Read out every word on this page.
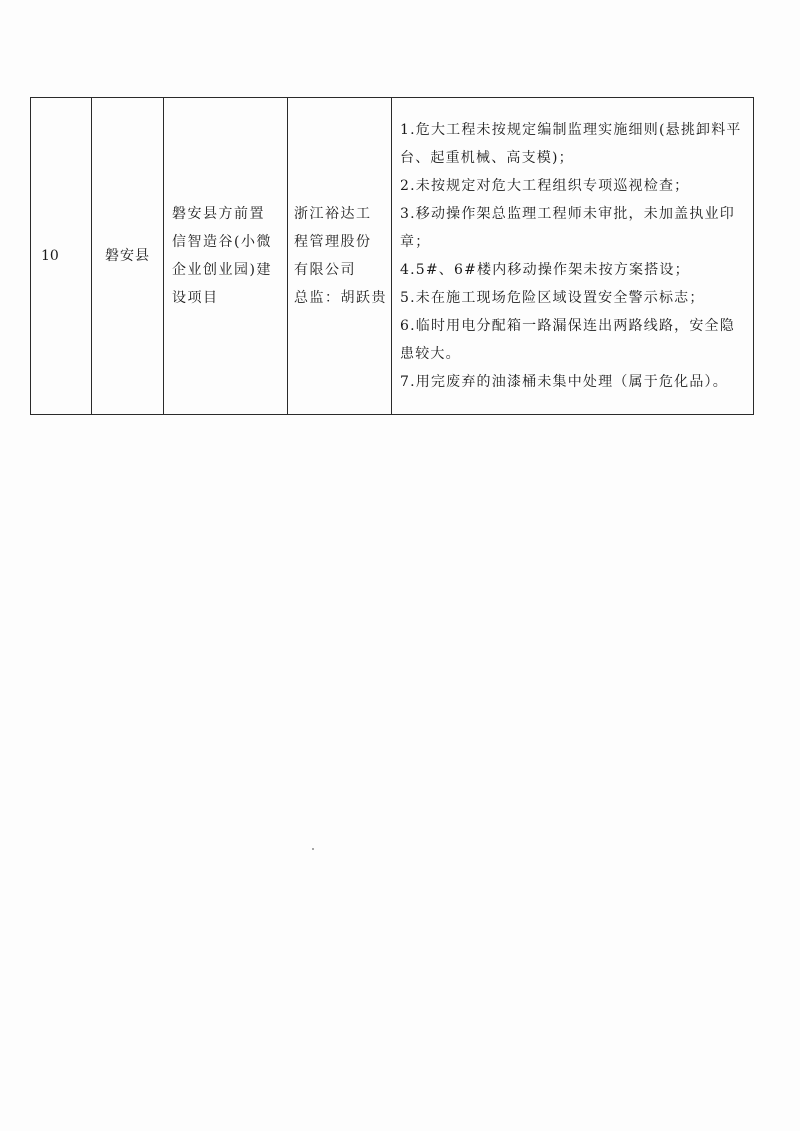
10	磐安县	
磐安县方前置
信智造谷(小微
企业创业园)建
设项目

浙江裕达工
程管理股份
有限公司
总监：胡跃贵

1.危大工程未按规定编制监理实施细则(悬挑卸料平台、起重机械、高支模)；
2.未按规定对危大工程组织专项巡视检查；
3.移动操作架总监理工程师未审批，未加盖执业印章；
4.5#、6#楼内移动操作架未按方案搭设；
5.未在施工现场危险区域设置安全警示标志；
6.临时用电分配箱一路漏保连出两路线路，安全隐患较大。
7.用完废弃的油漆桶未集中处理（属于危化品）。
